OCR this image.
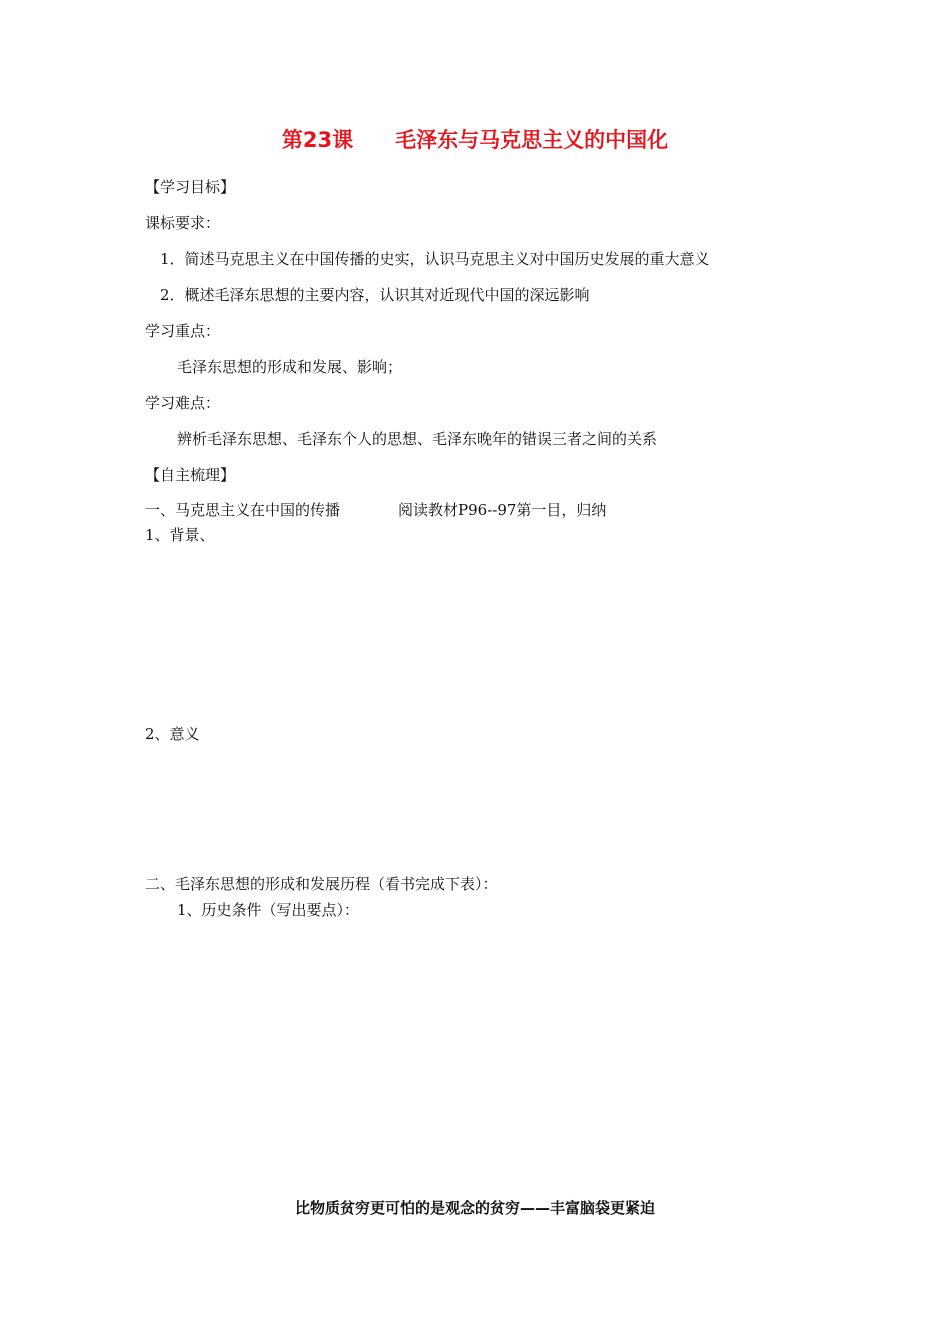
第23课　　毛泽东与马克思主义的中国化
【学习目标】
课标要求：
1．简述马克思主义在中国传播的史实，认识马克思主义对中国历史发展的重大意义
2．概述毛泽东思想的主要内容，认识其对近现代中国的深远影响
学习重点：
毛泽东思想的形成和发展、影响；
学习难点：
辨析毛泽东思想、毛泽东个人的思想、毛泽东晚年的错误三者之间的关系
【自主梳理】
一、马克思主义在中国的传播	阅读教材P96--97第一目，归纳
1、背景、
2、意义
二、毛泽东思想的形成和发展历程（看书完成下表）：
1、历史条件（写出要点）：
比物质贫穷更可怕的是观念的贫穷——丰富脑袋更紧迫
